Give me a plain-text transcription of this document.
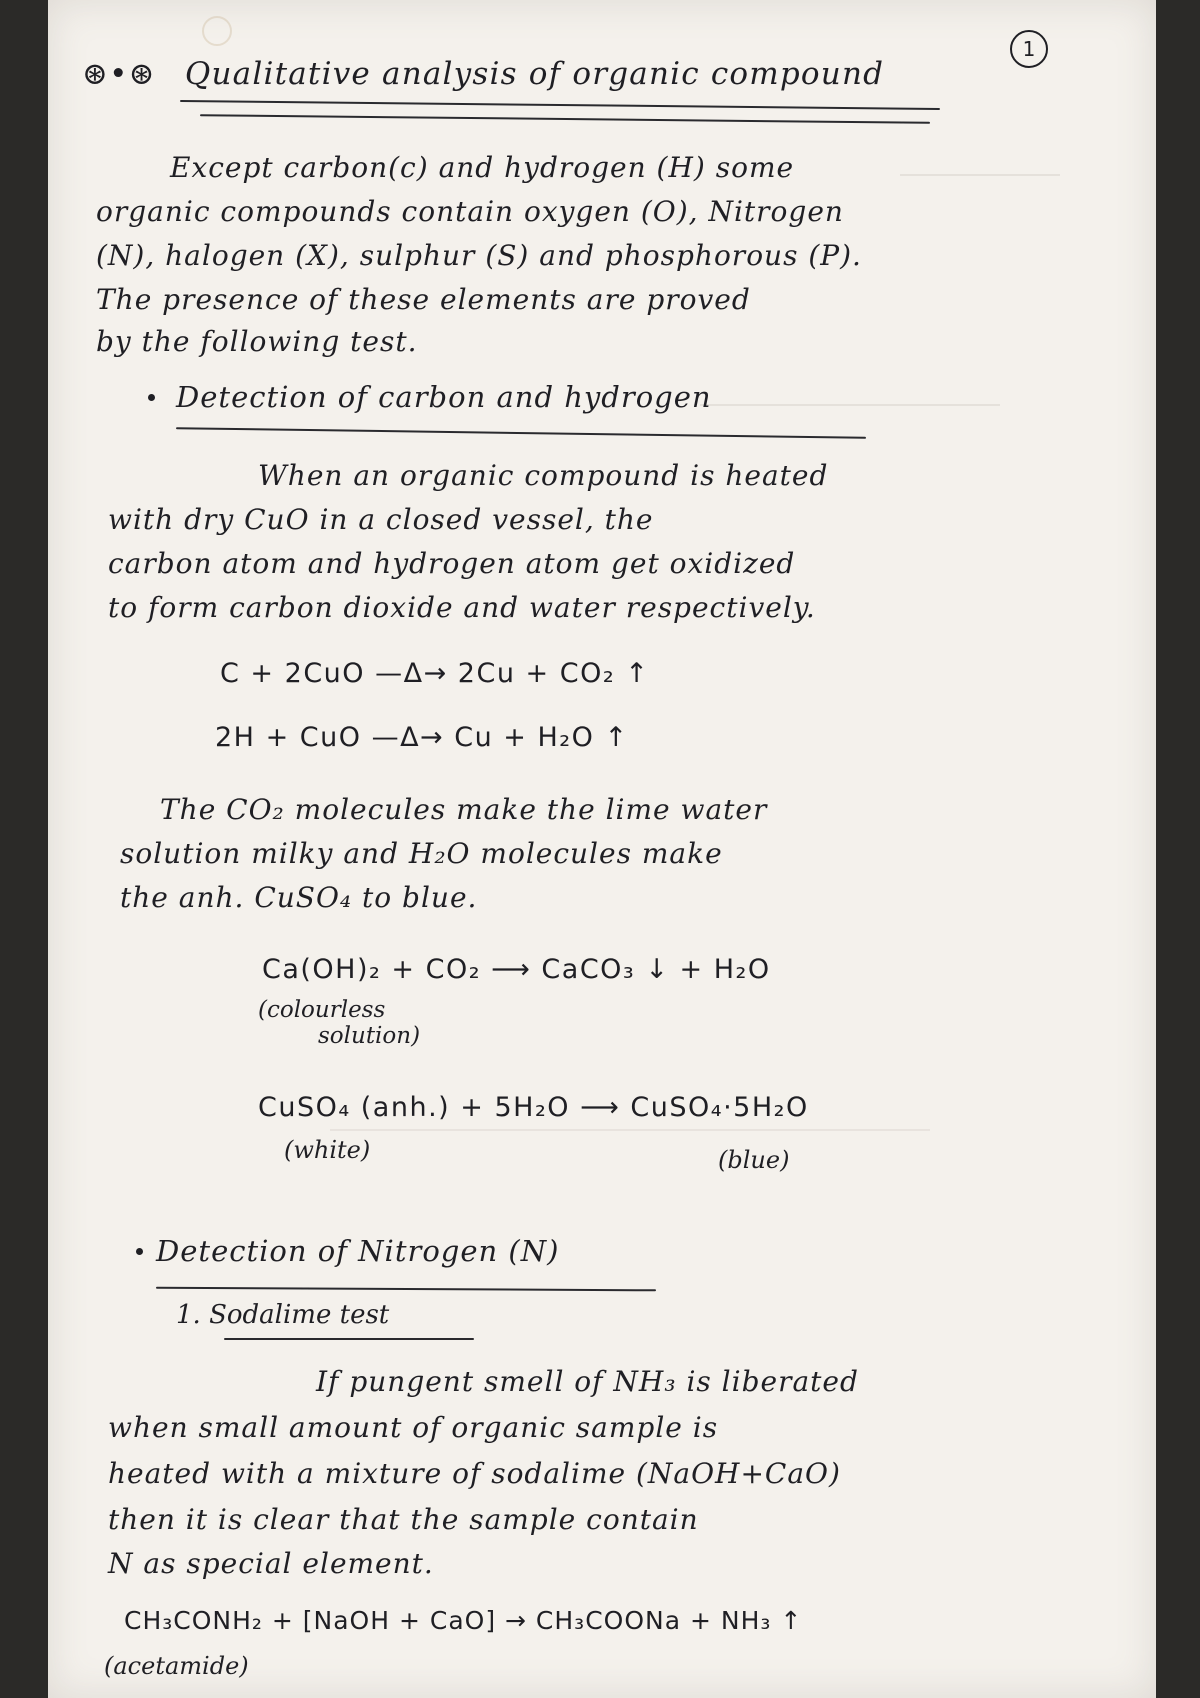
1
⊛•⊛ Qualitative analysis of organic compound
Except carbon(c) and hydrogen (H) some
organic compounds contain oxygen (O), Nitrogen
(N), halogen (X), sulphur (S) and phosphorous (P).
The presence of these elements are proved
by the following test.
Detection of carbon and hydrogen
When an organic compound is heated
with dry CuO in a closed vessel, the
carbon atom and hydrogen atom get oxidized
to form carbon dioxide and water respectively.
C + 2CuO —Δ→ 2Cu + CO₂ ↑
2H + CuO —Δ→ Cu + H₂O ↑
The CO₂ molecules make the lime water
solution milky and H₂O molecules make
the anh. CuSO₄ to blue.
Ca(OH)₂ + CO₂ ⟶ CaCO₃ ↓ + H₂O
(colourless
solution)
CuSO₄ (anh.) + 5H₂O ⟶ CuSO₄·5H₂O
(white)	(blue)
Detection of Nitrogen (N)
1. Sodalime test
If pungent smell of NH₃ is liberated
when small amount of organic sample is
heated with a mixture of sodalime (NaOH+CaO)
then it is clear that the sample contain
N as special element.
CH₃CONH₂ + [NaOH + CaO] → CH₃COONa + NH₃ ↑
(acetamide)
